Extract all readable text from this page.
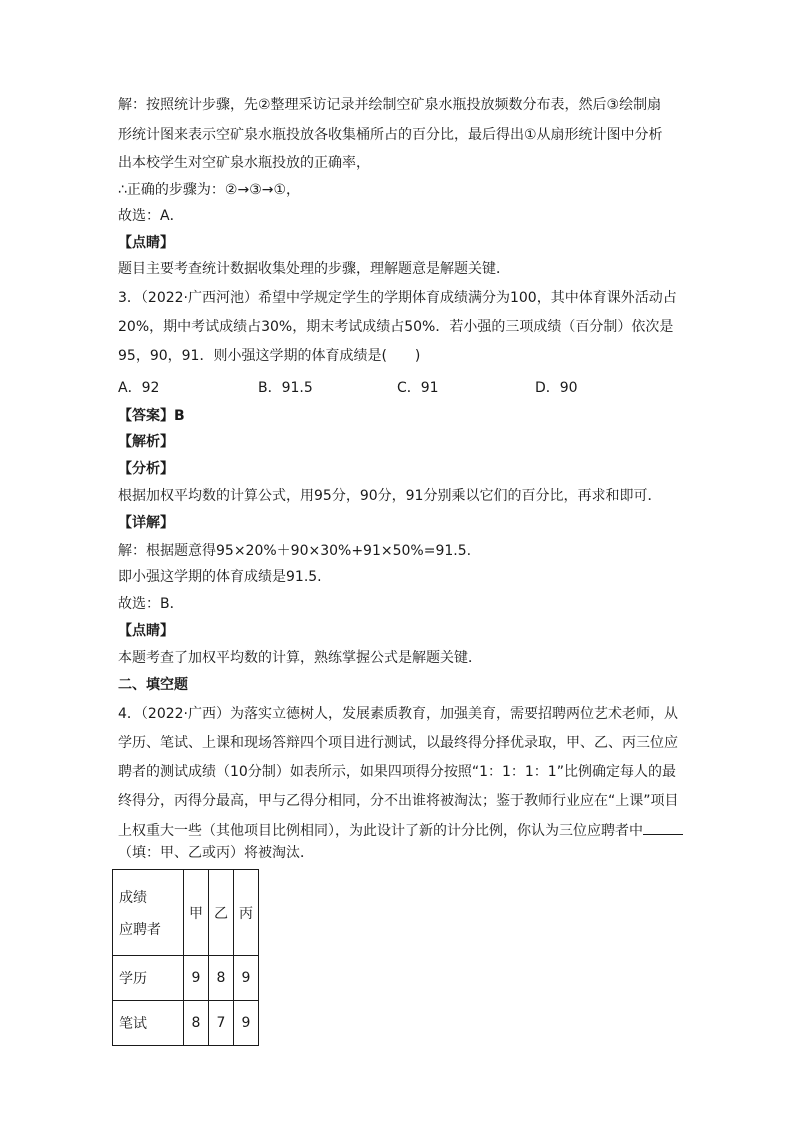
解：按照统计步骤，先②整理采访记录并绘制空矿泉水瓶投放频数分布表，然后③绘制扇
形统计图来表示空矿泉水瓶投放各收集桶所占的百分比，最后得出①从扇形统计图中分析
出本校学生对空矿泉水瓶投放的正确率，
∴正确的步骤为：②→③→①，
故选：A．
【点睛】
题目主要考查统计数据收集处理的步骤，理解题意是解题关键．
3．（2022·广西河池）希望中学规定学生的学期体育成绩满分为100，其中体育课外活动占
20%，期中考试成绩占30%，期末考试成绩占50%．若小强的三项成绩（百分制）依次是
95，90，91．则小强这学期的体育成绩是(　　)
A．92	B．91.5	C．91	D．90
【答案】B
【解析】
【分析】
根据加权平均数的计算公式，用95分，90分，91分别乘以它们的百分比，再求和即可．
【详解】
解：根据题意得95×20%＋90×30%+91×50%=91.5.
即小强这学期的体育成绩是91.5.
故选：B．
【点睛】
本题考查了加权平均数的计算，熟练掌握公式是解题关键．
二、填空题
4．（2022·广西）为落实立德树人，发展素质教育，加强美育，需要招聘两位艺术老师，从
学历、笔试、上课和现场答辩四个项目进行测试，以最终得分择优录取，甲、乙、丙三位应
聘者的测试成绩（10分制）如表所示，如果四项得分按照“1：1：1：1”比例确定每人的最
终得分，丙得分最高，甲与乙得分相同，分不出谁将被淘汰；鉴于教师行业应在“上课”项目
上权重大一些（其他项目比例相同），为此设计了新的计分比例，你认为三位应聘者中
（填：甲、乙或丙）将被淘汰．
成绩
应聘者	甲	乙	丙
学历	9	8	9
笔试	8	7	9
